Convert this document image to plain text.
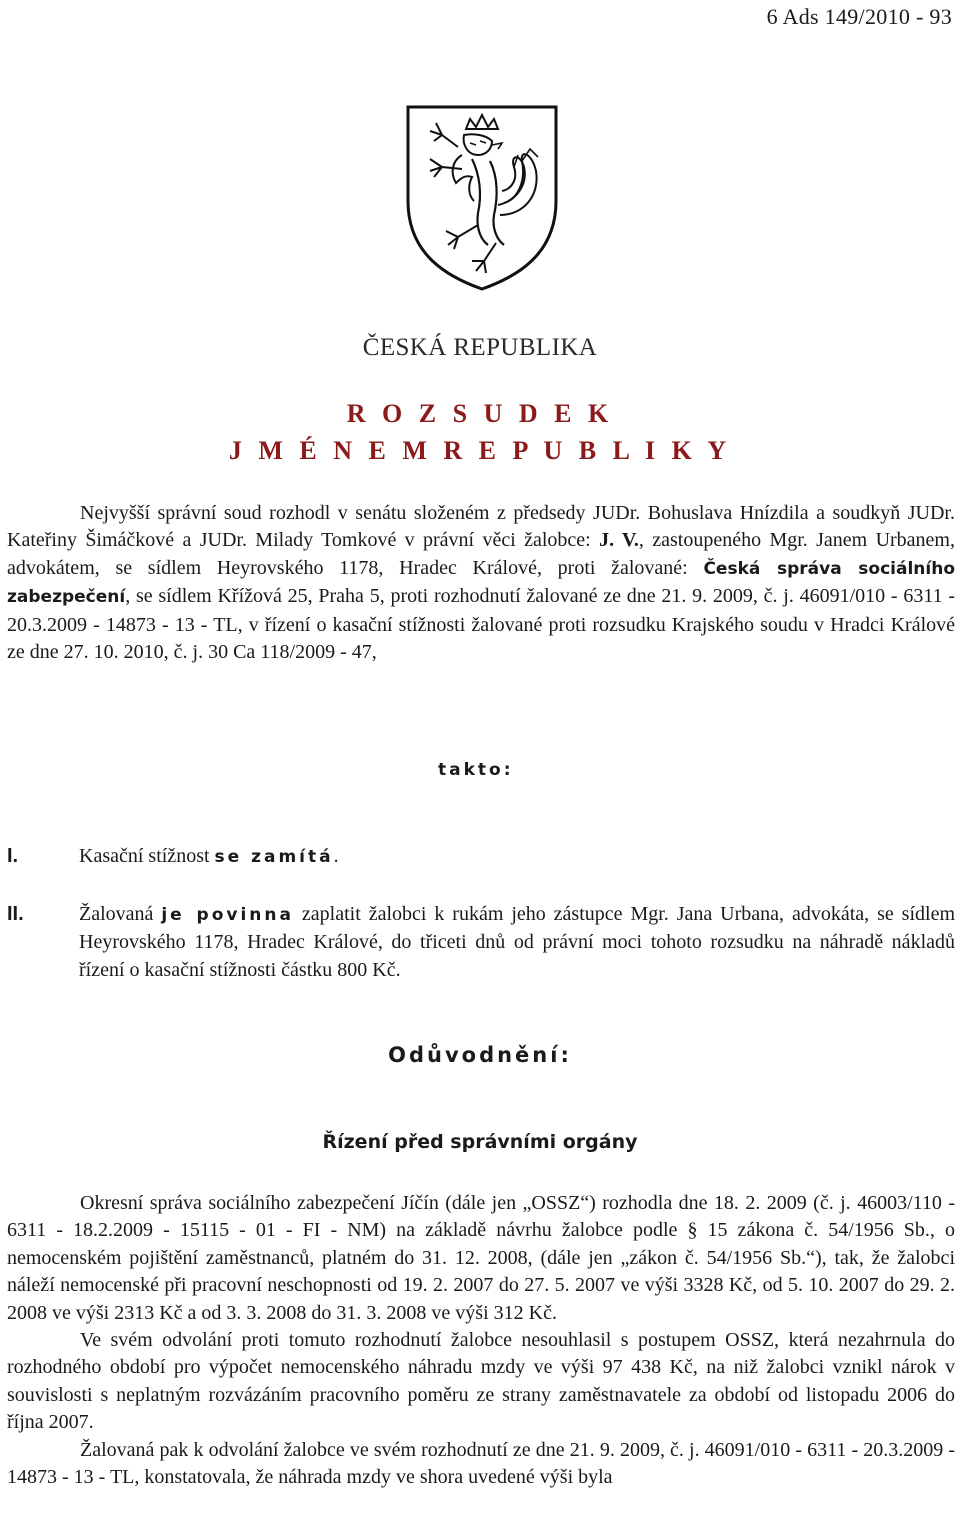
6 Ads 149/2010 - 93
ČESKÁ REPUBLIKA
R O Z S U D E K
J M É N E M R E P U B L I K Y

Nejvyšší správní soud rozhodl v senátu složeném z předsedy JUDr. Bohuslava Hnízdila a soudkyň JUDr. Kateřiny Šimáčkové a JUDr. Milady Tomkové v právní věci žalobce: J. V., zastoupeného Mgr. Janem Urbanem, advokátem, se sídlem Heyrovského 1178, Hradec Králové, proti žalované: Česká správa sociálního zabezpečení, se sídlem Křížová 25, Praha 5, proti rozhodnutí žalované ze dne 21. 9. 2009, č. j. 46091/010 - 6311 - 20.3.2009 - 14873 - 13 - TL, v řízení o kasační stížnosti žalované proti rozsudku Krajského soudu v Hradci Králové ze dne 27. 10. 2010, č. j. 30 Ca 118/2009 - 47,

takto:
I.	Kasační stížnost se zamítá.
II.	Žalovaná je povinna zaplatit žalobci k rukám jeho zástupce Mgr. Jana Urbana, advokáta, se sídlem Heyrovského 1178, Hradec Králové, do třiceti dnů od právní moci tohoto rozsudku na náhradě nákladů řízení o kasační stížnosti částku 800 Kč.
Odůvodnění:
Řízení před správními orgány

Okresní správa sociálního zabezpečení Jíčín (dále jen „OSSZ“) rozhodla dne 18. 2. 2009 (č. j. 46003/110 - 6311 - 18.2.2009 - 15115 - 01 - FI - NM) na základě návrhu žalobce podle § 15 zákona č. 54/1956 Sb., o nemocenském pojištění zaměstnanců, platném do 31. 12. 2008, (dále jen „zákon č. 54/1956 Sb.“), tak, že žalobci náleží nemocenské při pracovní neschopnosti od 19. 2. 2007 do 27. 5. 2007 ve výši 3328 Kč, od 5. 10. 2007 do 29. 2. 2008 ve výši 2313 Kč a od 3. 3. 2008 do 31. 3. 2008 ve výši 312 Kč.

Ve svém odvolání proti tomuto rozhodnutí žalobce nesouhlasil s postupem OSSZ, která nezahrnula do rozhodného období pro výpočet nemocenského náhradu mzdy ve výši 97 438 Kč, na niž žalobci vznikl nárok v souvislosti s neplatným rozvázáním pracovního poměru ze strany zaměstnavatele za období od listopadu 2006 do října 2007.

Žalovaná pak k odvolání žalobce ve svém rozhodnutí ze dne 21. 9. 2009, č. j. 46091/010 - 6311 - 20.3.2009 - 14873 - 13 - TL, konstatovala, že náhrada mzdy ve shora uvedené výši byla
